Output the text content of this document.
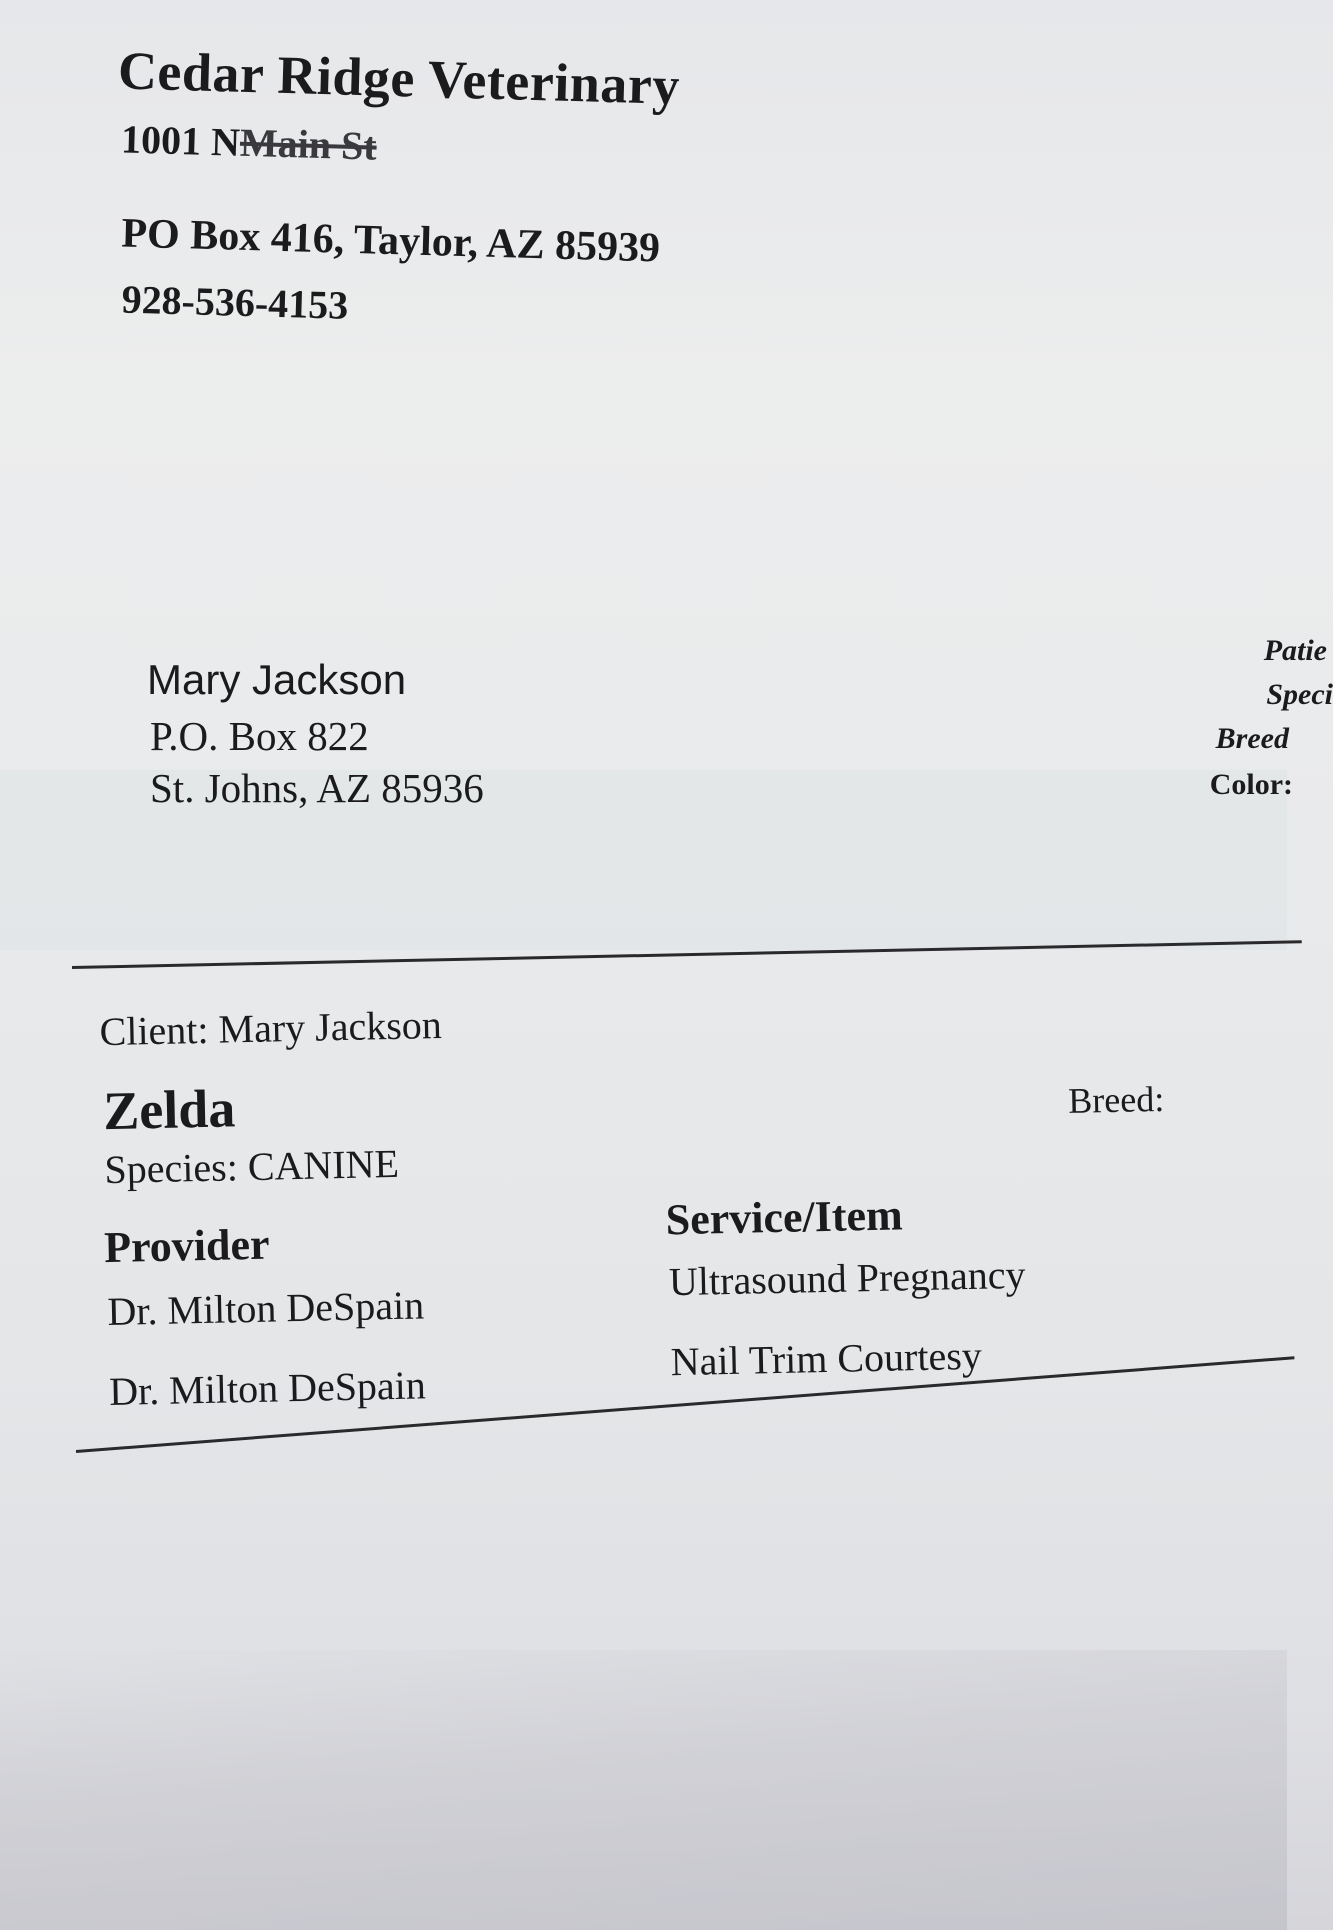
Cedar Ridge Veterinary
1001 NMain St
PO Box 416, Taylor, AZ 85939
928-536-4153
Mary Jackson
P.O. Box 822
St. Johns, AZ 85936
Patie
Speci
Breed
Color:
Client: Mary Jackson
Zelda	Breed:
Species: CANINE
Provider
Service/Item
Dr. Milton DeSpain
Ultrasound Pregnancy
Dr. Milton DeSpain
Nail Trim Courtesy
